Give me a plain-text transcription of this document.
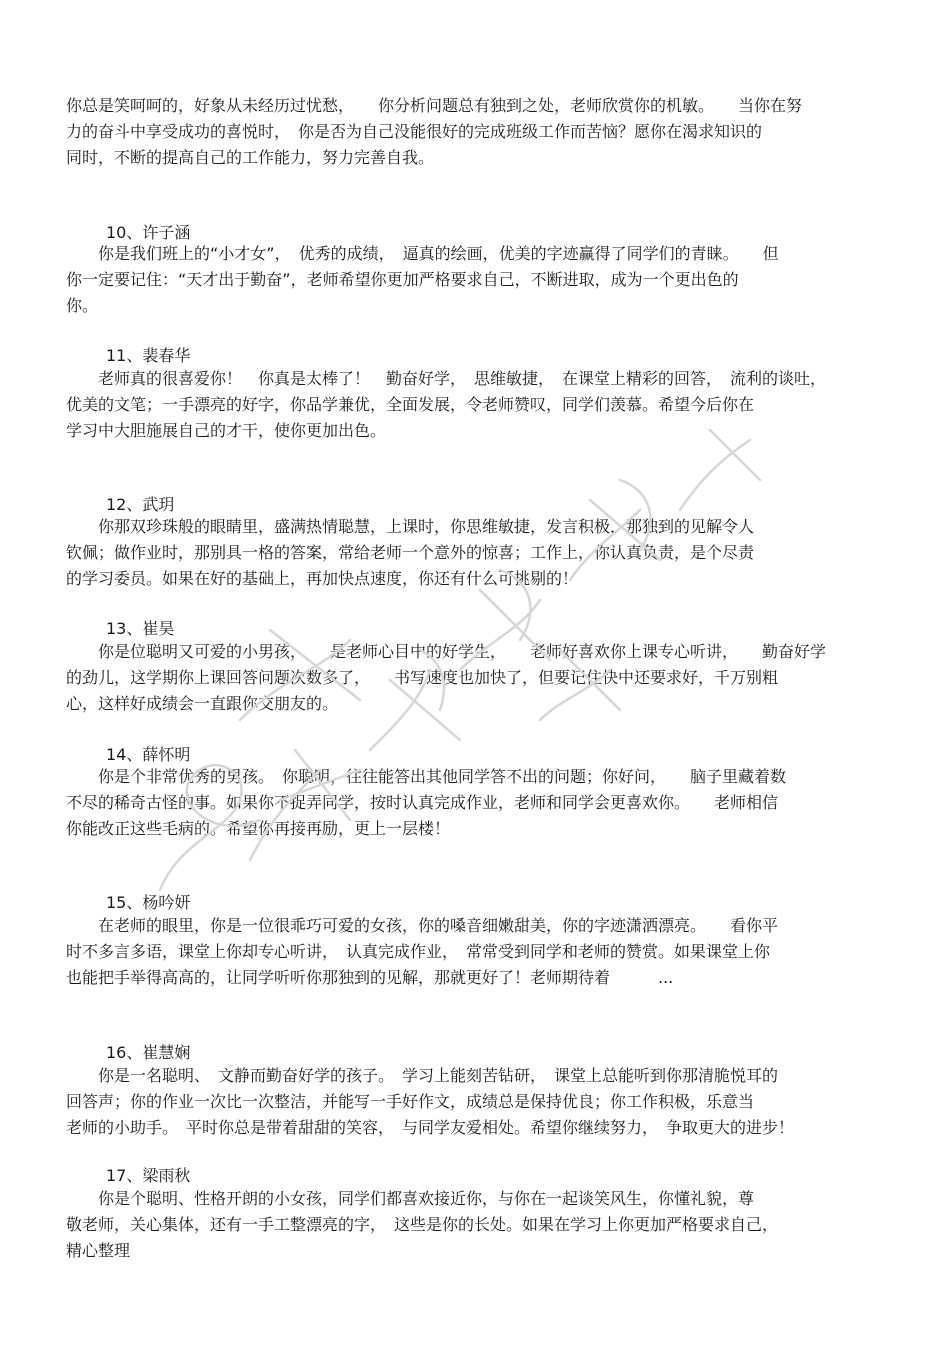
你总是笑呵呵的，好象从未经历过忧愁，　　你分析问题总有独到之处，老师欣赏你的机敏。　　当你在努
力的奋斗中享受成功的喜悦时，　你是否为自己没能很好的完成班级工作而苦恼？愿你在渴求知识的
同时，不断的提高自己的工作能力，努力完善自我。

10、许子涵

　　你是我们班上的“小才女”，　优秀的成绩，　逼真的绘画，优美的字迹赢得了同学们的青睐。　　但
你一定要记住：“天才出于勤奋”，老师希望你更加严格要求自己，不断进取，成为一个更出色的
你。

11、裴春华

　　老师真的很喜爱你！　你真是太棒了！　勤奋好学，　思维敏捷，　在课堂上精彩的回答，　流利的谈吐，
优美的文笔；一手漂亮的好字，你品学兼优，全面发展，令老师赞叹，同学们羡慕。希望今后你在
学习中大胆施展自己的才干，使你更加出色。

12、武玥

　　你那双珍珠般的眼睛里，盛满热情聪慧，上课时，你思维敏捷，发言积极，那独到的见解令人
钦佩；做作业时，那别具一格的答案，常给老师一个意外的惊喜；工作上，你认真负责，是个尽责
的学习委员。如果在好的基础上，再加快点速度，你还有什么可挑剔的！

13、崔昊

　　你是位聪明又可爱的小男孩，　　是老师心目中的好学生，　　老师好喜欢你上课专心听讲，　　勤奋好学
的劲儿，这学期你上课回答问题次数多了，　　书写速度也加快了，但要记住快中还要求好，千万别粗
心，这样好成绩会一直跟你交朋友的。

14、薛怀明

　　你是个非常优秀的男孩。　你聪明，往往能答出其他同学答不出的问题；你好问，　　脑子里藏着数
不尽的稀奇古怪的事。如果你不捉弄同学，按时认真完成作业，老师和同学会更喜欢你。　　老师相信
你能改正这些毛病的。希望你再接再励，更上一层楼！

15、杨吟妍

　　在老师的眼里，你是一位很乖巧可爱的女孩，你的嗓音细嫩甜美，你的字迹潇洒漂亮。　　看你平
时不多言多语，课堂上你却专心听讲，　认真完成作业，　常常受到同学和老师的赞赏。如果课堂上你
也能把手举得高高的，让同学听听你那独到的见解，那就更好了！老师期待着　　　...

16、崔慧娴

　　你是一名聪明、　文静而勤奋好学的孩子。　学习上能刻苦钻研，　课堂上总能听到你那清脆悦耳的
回答声；你的作业一次比一次整洁，并能写一手好作文，成绩总是保持优良；你工作积极，乐意当
老师的小助手。　平时你总是带着甜甜的笑容，　与同学友爱相处。希望你继续努力，　争取更大的进步！

17、梁雨秋

　　你是个聪明、性格开朗的小女孩，同学们都喜欢接近你，与你在一起谈笑风生，你懂礼貌，尊
敬老师，关心集体，还有一手工整漂亮的字，　这些是你的长处。如果在学习上你更加严格要求自己，
精心整理
